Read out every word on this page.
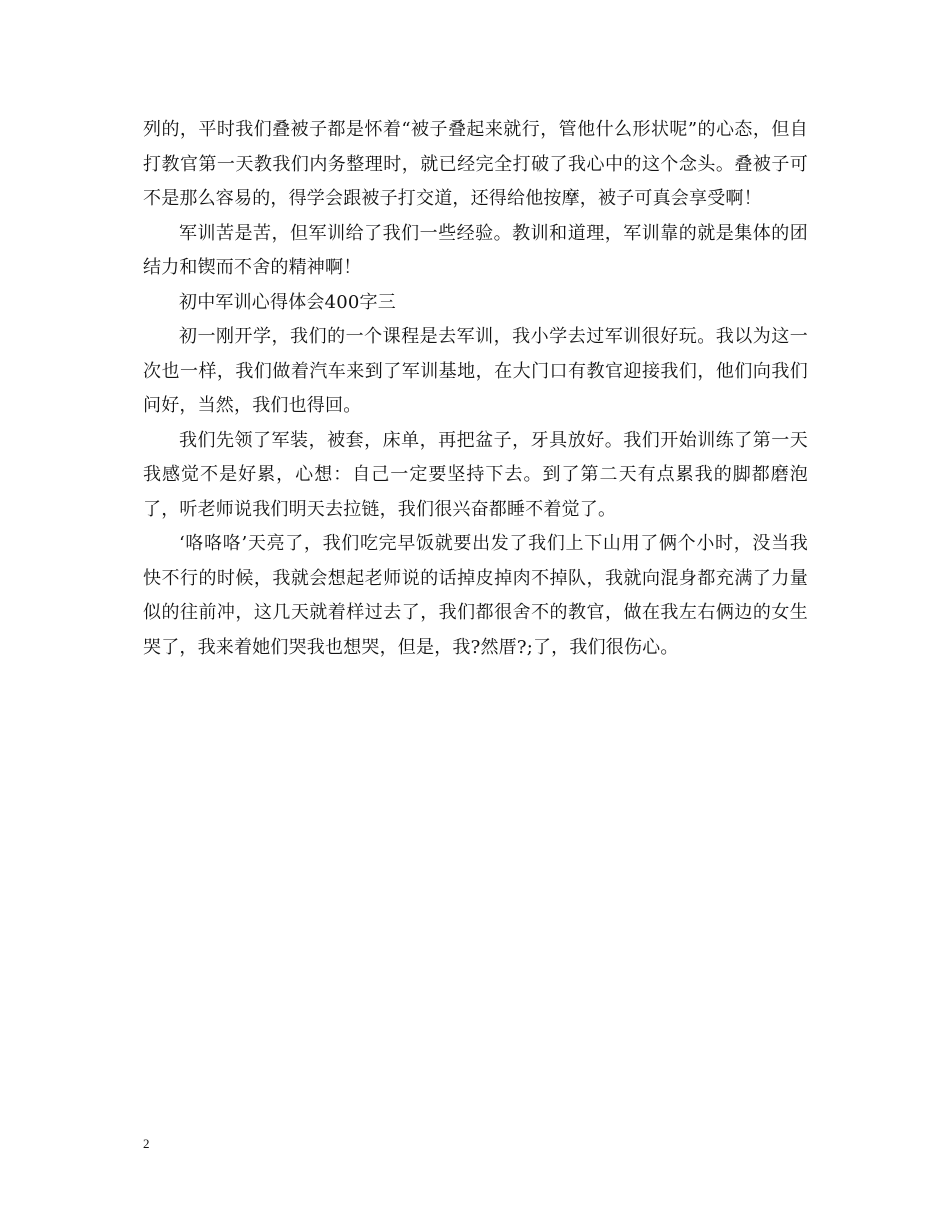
列的，平时我们叠被子都是怀着“被子叠起来就行，管他什么形状呢”的心态，但自打教官第一天教我们内务整理时，就已经完全打破了我心中的这个念头。叠被子可不是那么容易的，得学会跟被子打交道，还得给他按摩，被子可真会享受啊！

军训苦是苦，但军训给了我们一些经验。教训和道理，军训靠的就是集体的团结力和锲而不舍的精神啊！

初中军训心得体会400字三

初一刚开学，我们的一个课程是去军训，我小学去过军训很好玩。我以为这一次也一样，我们做着汽车来到了军训基地，在大门口有教官迎接我们，他们向我们问好，当然，我们也得回。

我们先领了军装，被套，床单，再把盆子，牙具放好。我们开始训练了第一天我感觉不是好累，心想：自己一定要坚持下去。到了第二天有点累我的脚都磨泡了，听老师说我们明天去拉链，我们很兴奋都睡不着觉了。

‘咯咯咯’天亮了，我们吃完早饭就要出发了我们上下山用了俩个小时，没当我快不行的时候，我就会想起老师说的话掉皮掉肉不掉队，我就向混身都充满了力量似的往前冲，这几天就着样过去了，我们都很舍不的教官，做在我左右俩边的女生哭了，我来着她们哭我也想哭，但是，我?然厝?;了，我们很伤心。

2
